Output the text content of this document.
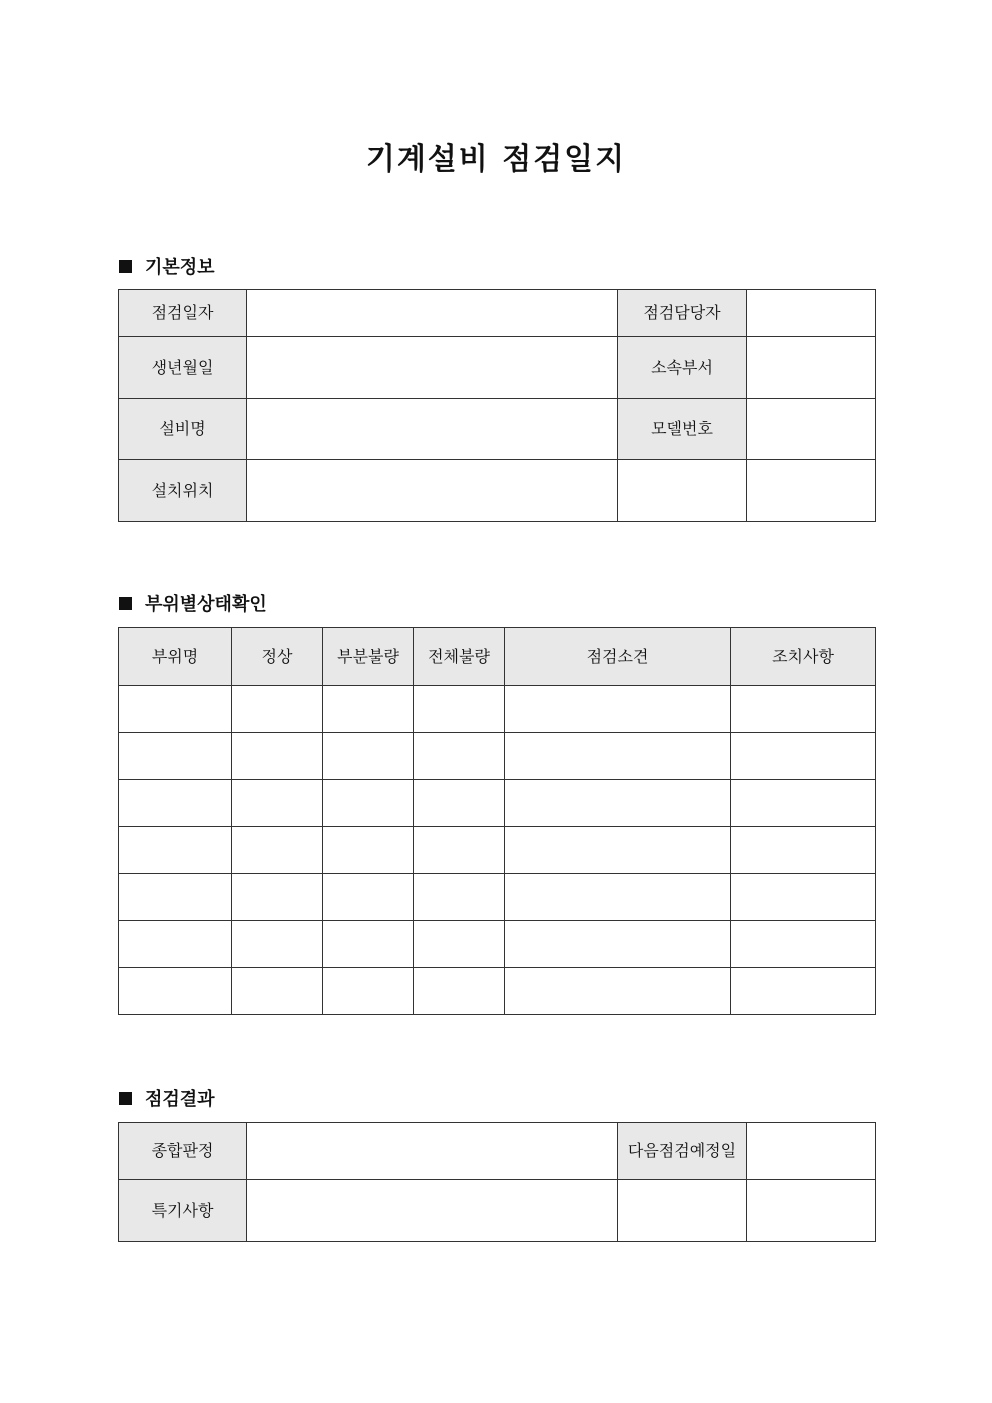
기계설비 점검일지
기본정보
점검일자		점검담당자	
생년월일		소속부서	
설비명		모델번호	
설치위치			
부위별상태확인
부위명	정상	부분불량	전체불량	점검소견	조치사항

점검결과
종합판정		다음점검예정일	
특기사항			
